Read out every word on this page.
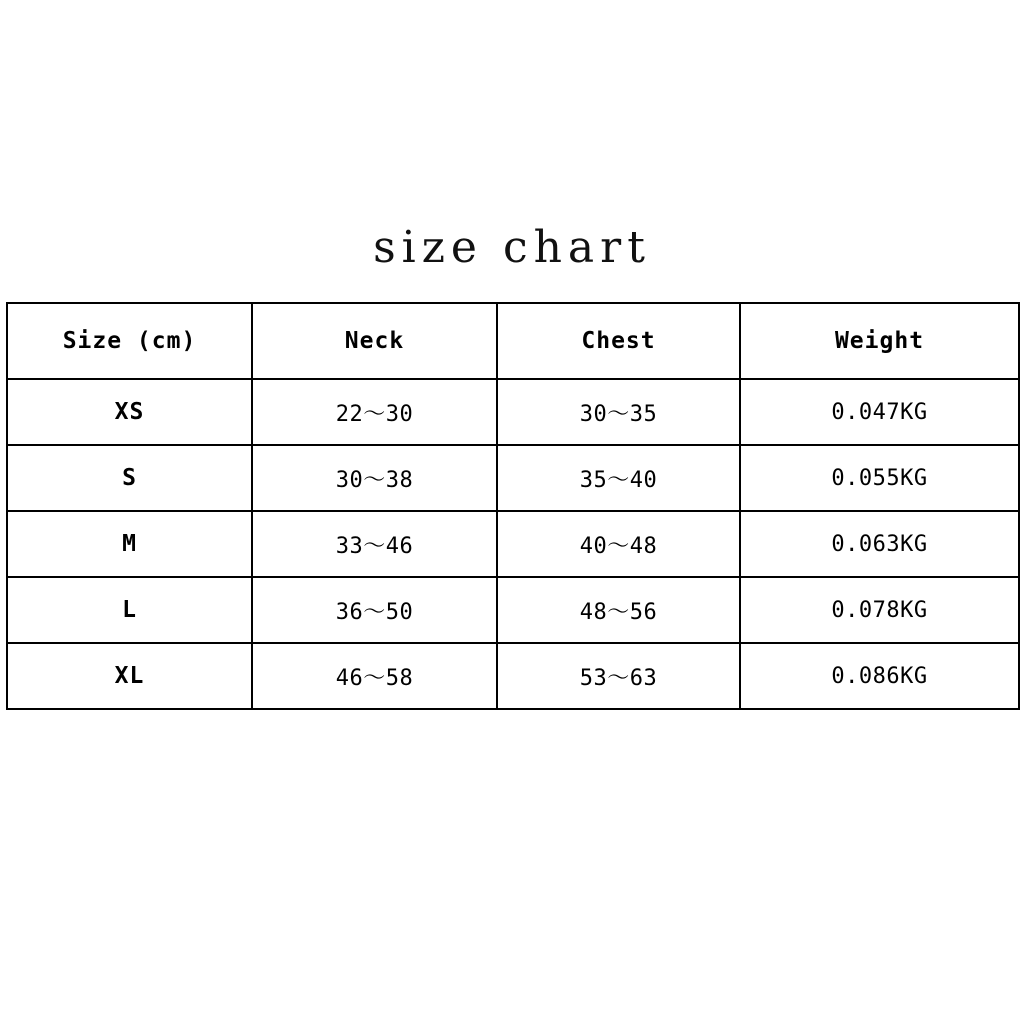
size chart
Size (cm)	Neck	Chest	Weight
XS	22～30	30～35	0.047KG
S	30～38	35～40	0.055KG
M	33～46	40～48	0.063KG
L	36～50	48～56	0.078KG
XL	46～58	53～63	0.086KG
